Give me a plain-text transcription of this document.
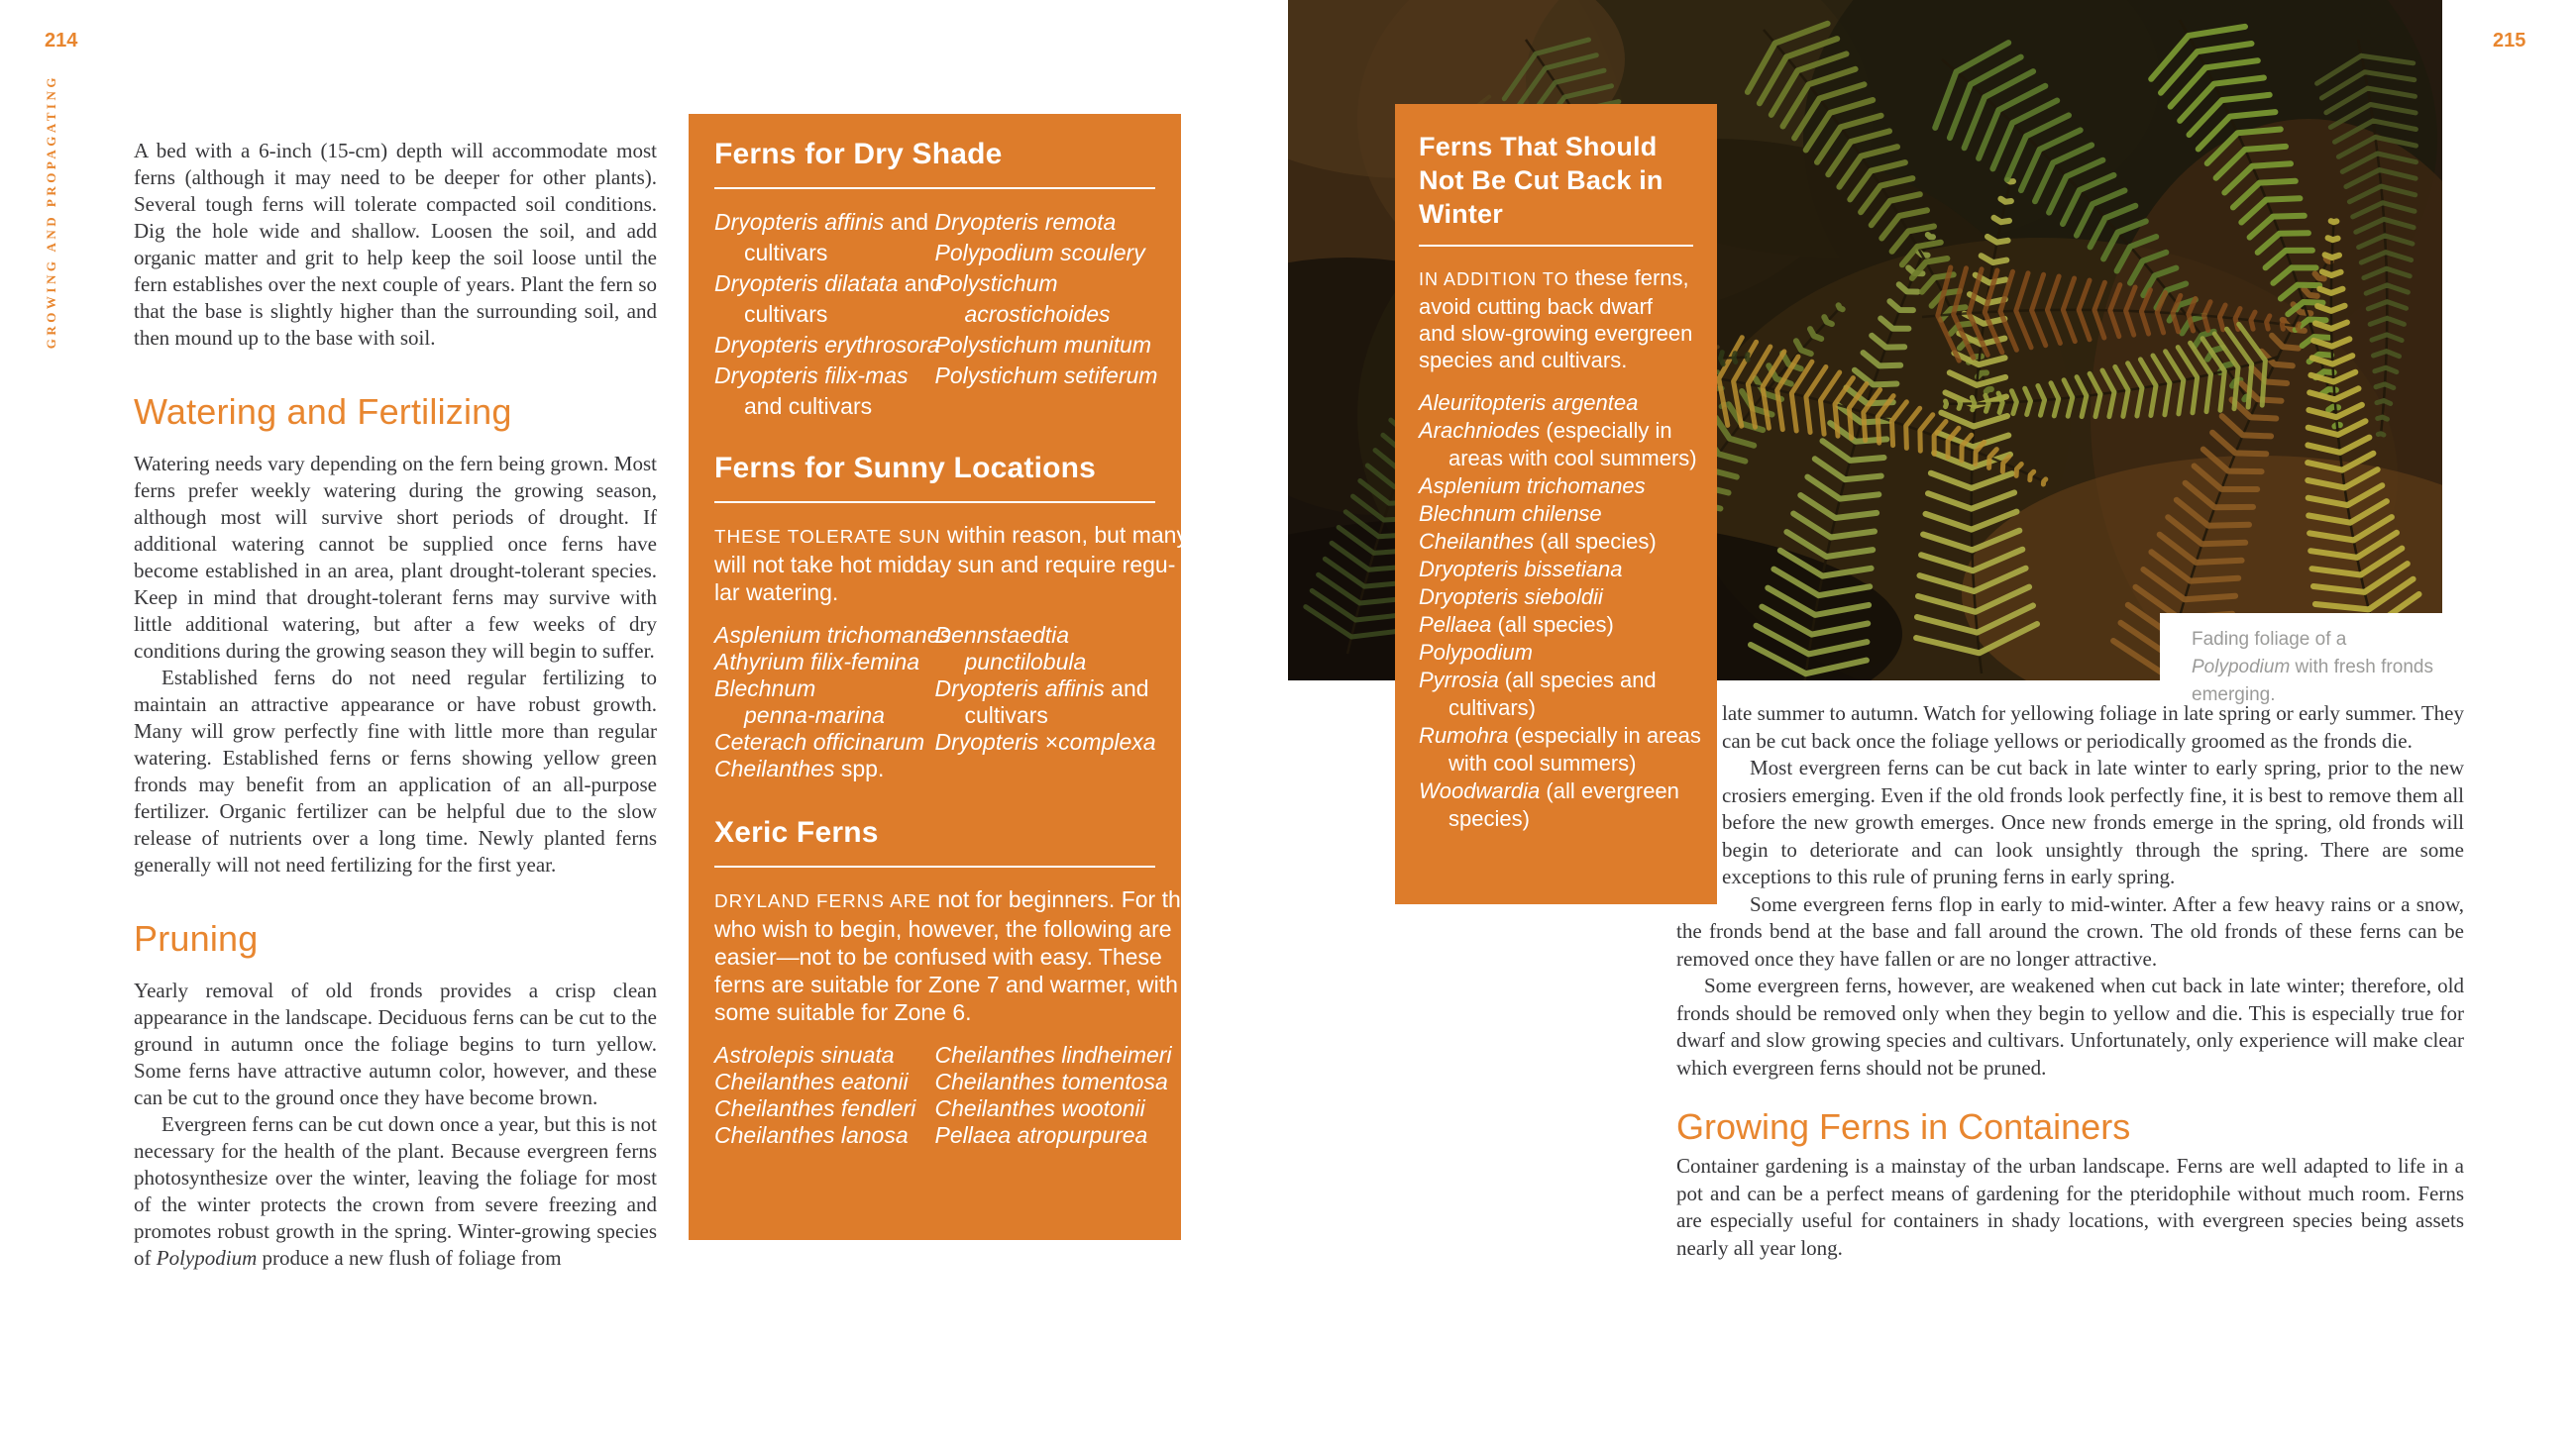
214
GROWING AND PROPAGATING	A bed with a 6-inch (15-cm) depth will accommodate most ferns (although it may need to be deeper for other plants). Several tough ferns will tolerate compacted soil conditions. Dig the hole wide and shallow. Loosen the soil, and add organic matter and grit to help keep the soil loose until the fern establishes over the next couple of years. Plant the fern so that the base is slightly higher than the surrounding soil, and then mound up to the base with soil.

Watering and Fertilizing

Watering needs vary depending on the fern being grown. Most ferns prefer weekly watering during the growing season, although most will survive short periods of drought. If additional watering cannot be supplied once ferns have become established in an area, plant drought-tolerant species. Keep in mind that drought-tolerant ferns may survive with little additional watering, but after a few weeks of dry conditions during the growing season they will begin to suffer.

Established ferns do not need regular fertilizing to maintain an attractive appearance or have robust growth. Many will grow perfectly fine with little more than regular watering. Established ferns or ferns showing yellow green fronds may benefit from an application of an all-purpose fertilizer. Organic fertilizer can be helpful due to the slow release of nutrients over a long time. Newly planted ferns generally will not need fertilizing for the first year.

Pruning

Yearly removal of old fronds provides a crisp clean appearance in the landscape. Deciduous ferns can be cut to the ground in autumn once the foliage begins to turn yellow. Some ferns have attractive autumn color, however, and these can be cut to the ground once they have become brown.

Evergreen ferns can be cut down once a year, but this is not necessary for the health of the plant. Because evergreen ferns photosynthesize over the winter, leaving the foliage for most of the winter protects the crown from severe freezing and promotes robust growth in the spring. Winter-growing species of Polypodium produce a new flush of foliage from

Ferns for Dry Shade
Dryopteris affinis and
cultivars
Dryopteris dilatata and
cultivars
Dryopteris erythrosora
Dryopteris filix-mas
and cultivars
Dryopteris remota
Polypodium scoulery
Polystichum
acrostichoides
Polystichum munitum
Polystichum setiferum
Ferns for Sunny Locations
THESE TOLERATE SUN within reason, but many
will not take hot midday sun and require regu-
lar watering.
Asplenium trichomanes
Athyrium filix-femina
Blechnum
penna-marina
Ceterach officinarum
Cheilanthes spp.
Dennstaedtia
punctilobula
Dryopteris affinis and
cultivars
Dryopteris ×complexa
Xeric Ferns
DRYLAND FERNS ARE not for beginners. For those
who wish to begin, however, the following are
easier—not to be confused with easy. These
ferns are suitable for Zone 7 and warmer, with
some suitable for Zone 6.
Astrolepis sinuata
Cheilanthes eatonii
Cheilanthes fendleri
Cheilanthes lanosa
Cheilanthes lindheimeri
Cheilanthes tomentosa
Cheilanthes wootonii
Pellaea atropurpurea
Fading foliage of a Polypodium with fresh fronds emerging.
215
Ferns That Should Not Be Cut Back in Winter
IN ADDITION TO these ferns,
avoid cutting back dwarf
and slow-growing evergreen
species and cultivars.
Aleuritopteris argentea
Arachniodes (especially in
areas with cool summers)
Asplenium trichomanes
Blechnum chilense
Cheilanthes (all species)
Dryopteris bissetiana
Dryopteris sieboldii
Pellaea (all species)
Polypodium
Pyrrosia (all species and
cultivars)
Rumohra (especially in areas
with cool summers)
Woodwardia (all evergreen
species)

late summer to autumn. Watch for yellowing foliage in late spring or early summer. They can be cut back once the foliage yellows or periodically groomed as the fronds die.

Most evergreen ferns can be cut back in late winter to early spring, prior to the new crosiers emerging. Even if the old fronds look perfectly fine, it is best to remove them all before the new growth emerges. Once new fronds emerge in the spring, old fronds will begin to deteriorate and can look unsightly through the spring. There are some exceptions to this rule of pruning ferns in early spring.

Some evergreen ferns flop in early to mid-winter. After a few heavy rains or a snow, the fronds bend at the base and fall around the crown. The old fronds of these ferns can be removed once they have fallen or are no longer attractive.

Some evergreen ferns, however, are weakened when cut back in late winter; therefore, old fronds should be removed only when they begin to yellow and die. This is especially true for dwarf and slow growing species and cultivars. Unfortunately, only experience will make clear which evergreen ferns should not be pruned.

Growing Ferns in Containers

Container gardening is a mainstay of the urban landscape. Ferns are well adapted to life in a pot and can be a perfect means of gardening for the pteridophile without much room. Ferns are especially useful for containers in shady locations, with evergreen species being assets nearly all year long.
